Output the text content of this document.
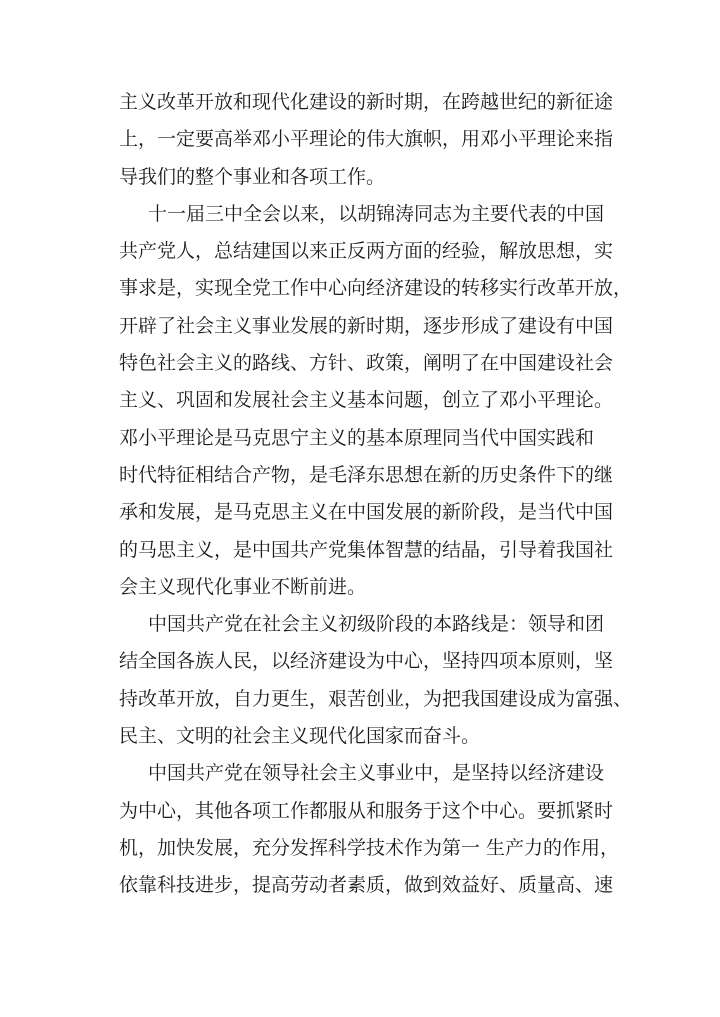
主义改革开放和现代化建设的新时期，在跨越世纪的新征途
上，一定要高举邓小平理论的伟大旗帜，用邓小平理论来指
导我们的整个事业和各项工作。

十一届三中全会以来，以胡锦涛同志为主要代表的中国
共产党人，总结建国以来正反两方面的经验，解放思想，实
事求是，实现全党工作中心向经济建设的转移实行改革开放，
开辟了社会主义事业发展的新时期，逐步形成了建设有中国
特色社会主义的路线、方针、政策，阐明了在中国建设社会
主义、巩固和发展社会主义基本问题，创立了邓小平理论。
邓小平理论是马克思宁主义的基本原理同当代中国实践和
时代特征相结合产物，是毛泽东思想在新的历史条件下的继
承和发展，是马克思主义在中国发展的新阶段，是当代中国
的马思主义，是中国共产党集体智慧的结晶，引导着我国社
会主义现代化事业不断前进。

中国共产党在社会主义初级阶段的本路线是：领导和团
结全国各族人民，以经济建设为中心，坚持四项本原则，坚
持改革开放，自力更生，艰苦创业，为把我国建设成为富强、
民主、文明的社会主义现代化国家而奋斗。

中国共产党在领导社会主义事业中，是坚持以经济建设
为中心，其他各项工作都服从和服务于这个中心。要抓紧时
机，加快发展，充分发挥科学技术作为第一 生产力的作用，
依靠科技进步，提高劳动者素质，做到效益好、质量高、速
